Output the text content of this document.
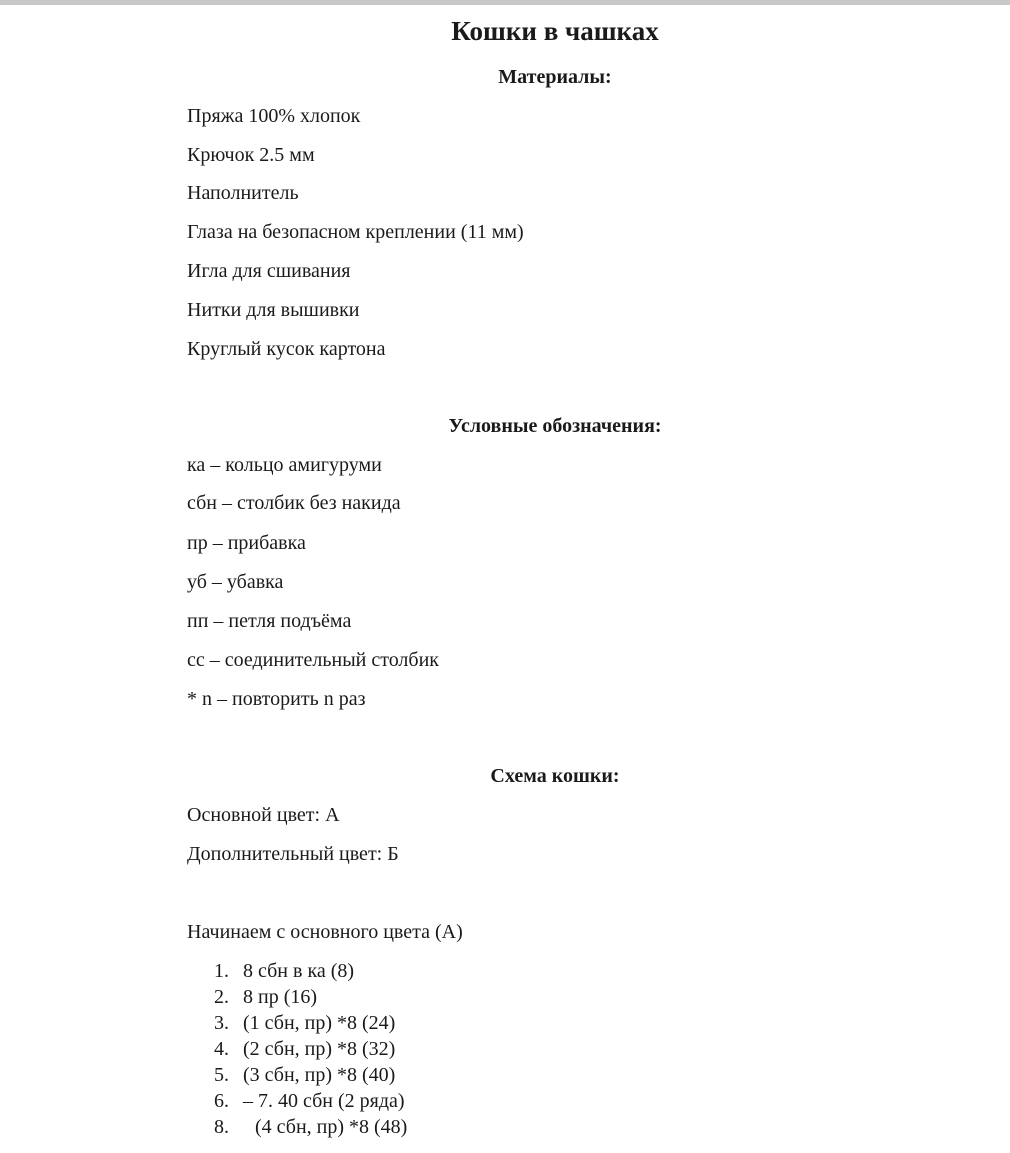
Кошки в чашках
Материалы:
Пряжа 100% хлопок
Крючок 2.5 мм
Наполнитель
Глаза на безопасном креплении (11 мм)
Игла для сшивания
Нитки для вышивки
Круглый кусок картона
Условные обозначения:
ка – кольцо амигуруми
сбн – столбик без накида
пр – прибавка
уб – убавка
пп – петля подъёма
сс – соединительный столбик
* n – повторить n раз
Схема кошки:
Основной цвет: А
Дополнительный цвет: Б
Начинаем с основного цвета (А)
1. 8 сбн в ка (8)
2. 8 пр (16)
3. (1 сбн, пр) *8 (24)
4. (2 сбн, пр) *8 (32)
5. (3 сбн, пр) *8 (40)
6. – 7. 40 сбн (2 ряда)
8. (4 сбн, пр) *8 (48)
